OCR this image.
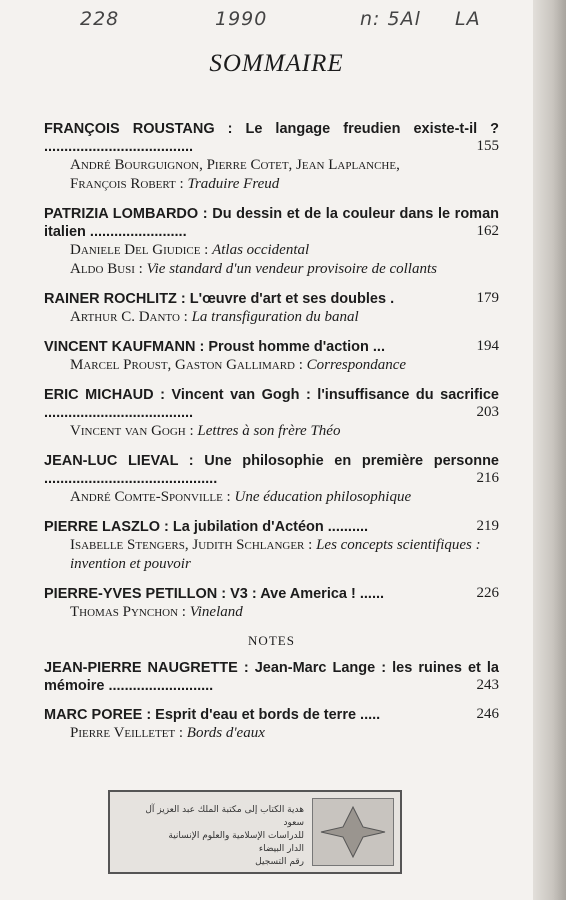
228	1990	n: 5Al LA
SOMMAIRE
FRANÇOIS ROUSTANG : Le langage freudien existe-t-il ? .....................................	155
André Bourguignon, Pierre Cotet, Jean Laplanche,
François Robert : Traduire Freud
PATRIZIA LOMBARDO : Du dessin et de la couleur dans le roman italien ........................	162
Daniele Del Giudice : Atlas occidental
Aldo Busi : Vie standard d'un vendeur provisoire de collants
RAINER ROCHLITZ : L'œuvre d'art et ses doubles .	179
Arthur C. Danto : La transfiguration du banal
VINCENT KAUFMANN : Proust homme d'action ...	194
Marcel Proust, Gaston Gallimard : Correspondance
ERIC MICHAUD : Vincent van Gogh : l'insuffisance du sacrifice .....................................	203
Vincent van Gogh : Lettres à son frère Théo
JEAN-LUC LIEVAL : Une philosophie en première personne ...........................................	216
André Comte-Sponville : Une éducation philosophique
PIERRE LASZLO : La jubilation d'Actéon ..........	219
Isabelle Stengers, Judith Schlanger : Les concepts scientifiques : invention et pouvoir
PIERRE-YVES PETILLON : V3 : Ave America ! ......	226
Thomas Pynchon : Vineland
NOTES
JEAN-PIERRE NAUGRETTE : Jean-Marc Lange : les ruines et la mémoire ..........................	243
MARC POREE : Esprit d'eau et bords de terre .....	246
Pierre Veilletet : Bords d'eaux
هدية الكتاب إلى مكتبة الملك عبد العزيز آل سعود
للدراسات الإسلامية والعلوم الإنسانية
الدار البيضاء
رقم التسجيل
